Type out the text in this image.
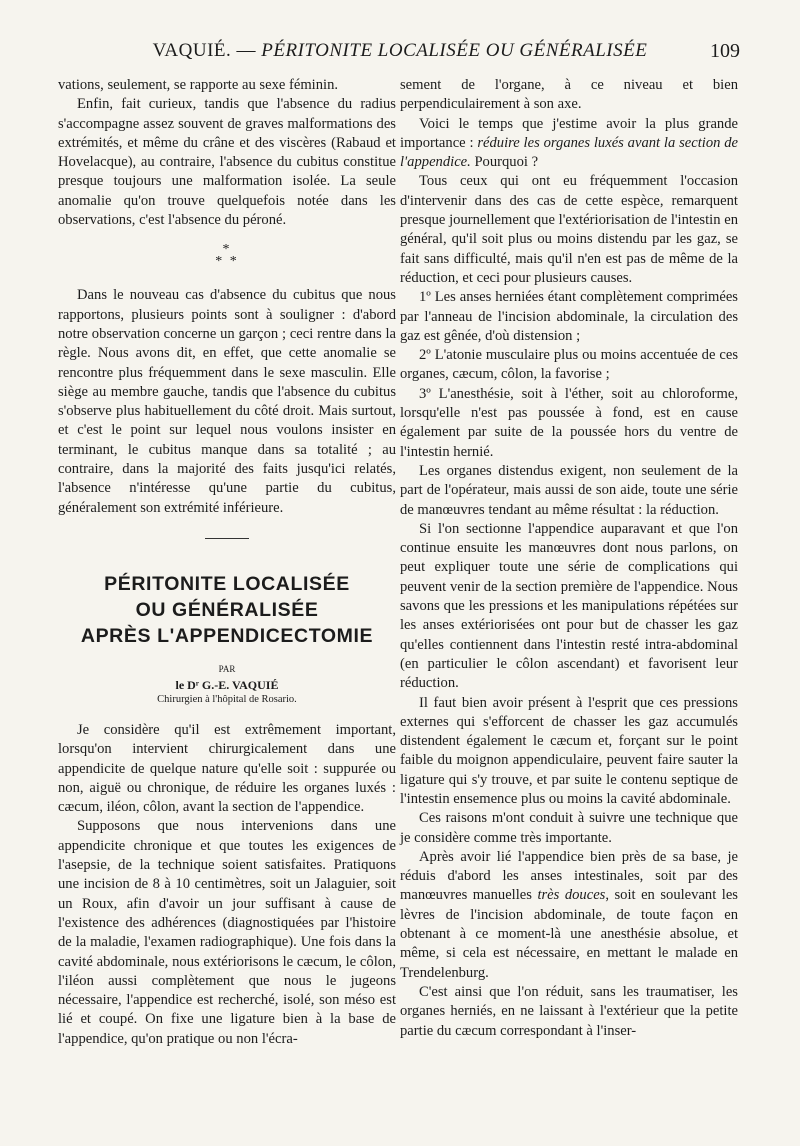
VAQUIÉ. — PÉRITONITE LOCALISÉE OU GÉNÉRALISÉE	109

vations, seulement, se rapporte au sexe féminin.

Enfin, fait curieux, tandis que l'absence du radius s'accompagne assez souvent de graves malformations des extrémités, et même du crâne et des viscères (Rabaud et Hovelacque), au contraire, l'absence du cubitus constitue presque toujours une malformation isolée. La seule anomalie qu'on trouve quelquefois notée dans les observations, c'est l'absence du péroné.

*
* *

Dans le nouveau cas d'absence du cubitus que nous rapportons, plusieurs points sont à souligner : d'abord notre observation concerne un garçon ; ceci rentre dans la règle. Nous avons dit, en effet, que cette anomalie se rencontre plus fréquemment dans le sexe masculin. Elle siège au membre gauche, tandis que l'absence du cubitus s'observe plus habituellement du côté droit. Mais surtout, et c'est le point sur lequel nous voulons insister en terminant, le cubitus manque dans sa totalité ; au contraire, dans la majorité des faits jusqu'ici relatés, l'absence n'intéresse qu'une partie du cubitus, généralement son extrémité inférieure.

PÉRITONITE LOCALISÉE
OU GÉNÉRALISÉE
APRÈS L'APPENDICECTOMIE
PAR
le Dʳ G.-E. VAQUIÉ
Chirurgien à l'hôpital de Rosario.

Je considère qu'il est extrêmement important, lorsqu'on intervient chirurgicalement dans une appendicite de quelque nature qu'elle soit : suppurée ou non, aiguë ou chronique, de réduire les organes luxés : cæcum, iléon, côlon, avant la section de l'appendice.

Supposons que nous intervenions dans une appendicite chronique et que toutes les exigences de l'asepsie, de la technique soient satisfaites. Pratiquons une incision de 8 à 10 centimètres, soit un Jalaguier, soit un Roux, afin d'avoir un jour suffisant à cause de l'existence des adhérences (diagnostiquées par l'histoire de la maladie, l'examen radiographique). Une fois dans la cavité abdominale, nous extériorisons le cæcum, le côlon, l'iléon aussi complètement que nous le jugeons nécessaire, l'appendice est recherché, isolé, son méso est lié et coupé. On fixe une ligature bien à la base de l'appendice, qu'on pratique ou non l'écra-

sement de l'organe, à ce niveau et bien perpendiculairement à son axe.

Voici le temps que j'estime avoir la plus grande importance : réduire les organes luxés avant la section de l'appendice. Pourquoi ?

Tous ceux qui ont eu fréquemment l'occasion d'intervenir dans des cas de cette espèce, remarquent presque journellement que l'extériorisation de l'intestin en général, qu'il soit plus ou moins distendu par les gaz, se fait sans difficulté, mais qu'il n'en est pas de même de la réduction, et ceci pour plusieurs causes.

1º Les anses herniées étant complètement comprimées par l'anneau de l'incision abdominale, la circulation des gaz est gênée, d'où distension ;

2º L'atonie musculaire plus ou moins accentuée de ces organes, cæcum, côlon, la favorise ;

3º L'anesthésie, soit à l'éther, soit au chloroforme, lorsqu'elle n'est pas poussée à fond, est en cause également par suite de la poussée hors du ventre de l'intestin hernié.

Les organes distendus exigent, non seulement de la part de l'opérateur, mais aussi de son aide, toute une série de manœuvres tendant au même résultat : la réduction.

Si l'on sectionne l'appendice auparavant et que l'on continue ensuite les manœuvres dont nous parlons, on peut expliquer toute une série de complications qui peuvent venir de la section première de l'appendice. Nous savons que les pressions et les manipulations répétées sur les anses extériorisées ont pour but de chasser les gaz qu'elles contiennent dans l'intestin resté intra-abdominal (en particulier le côlon ascendant) et favorisent leur réduction.

Il faut bien avoir présent à l'esprit que ces pressions externes qui s'efforcent de chasser les gaz accumulés distendent également le cæcum et, forçant sur le point faible du moignon appendiculaire, peuvent faire sauter la ligature qui s'y trouve, et par suite le contenu septique de l'intestin ensemence plus ou moins la cavité abdominale.

Ces raisons m'ont conduit à suivre une technique que je considère comme très importante.

Après avoir lié l'appendice bien près de sa base, je réduis d'abord les anses intestinales, soit par des manœuvres manuelles très douces, soit en soulevant les lèvres de l'incision abdominale, de toute façon en obtenant à ce moment-là une anesthésie absolue, et même, si cela est nécessaire, en mettant le malade en Trendelenburg.

C'est ainsi que l'on réduit, sans les traumatiser, les organes herniés, en ne laissant à l'extérieur que la petite partie du cæcum correspondant à l'inser-
